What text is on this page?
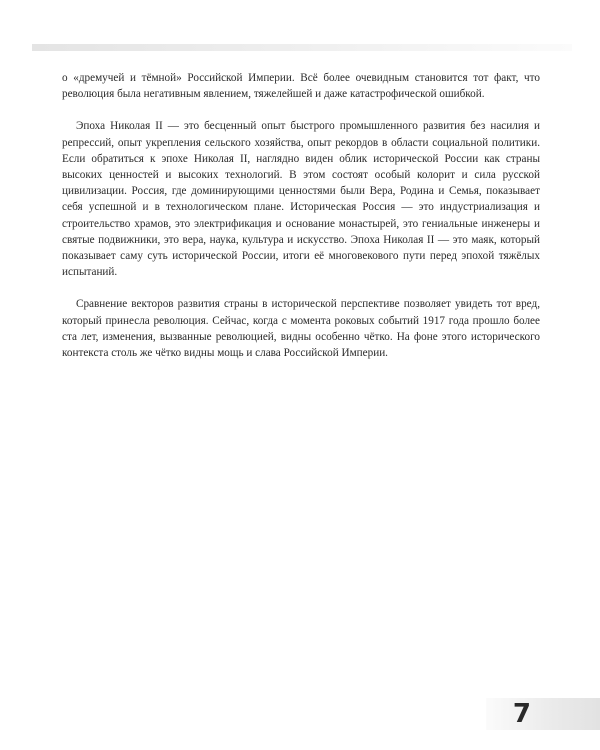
о «дремучей и тёмной» Российской Империи. Всё более очевидным становится тот факт, что революция была негативным явлением, тяжелейшей и даже катастрофической ошибкой.

Эпоха Николая II — это бесценный опыт быстрого промышленного развития без насилия и репрессий, опыт укрепления сельского хозяйства, опыт рекордов в области социальной политики. Если обратиться к эпохе Николая II, наглядно виден облик исторической России как страны высоких ценностей и высоких технологий. В этом состоят особый колорит и сила русской цивилизации. Россия, где доминирующими ценностями были Вера, Родина и Семья, показывает себя успешной и в технологическом плане. Историческая Россия — это индустриализация и строительство храмов, это электрификация и основание монастырей, это гениальные инженеры и святые подвижники, это вера, наука, культура и искусство. Эпоха Николая II — это маяк, который показывает саму суть исторической России, итоги её многовекового пути перед эпохой тяжёлых испытаний.

Сравнение векторов развития страны в исторической перспективе позволяет увидеть тот вред, который принесла революция. Сейчас, когда с момента роковых событий 1917 года прошло более ста лет, изменения, вызванные революцией, видны особенно чётко. На фоне этого исторического контекста столь же чётко видны мощь и слава Российской Империи.

7
